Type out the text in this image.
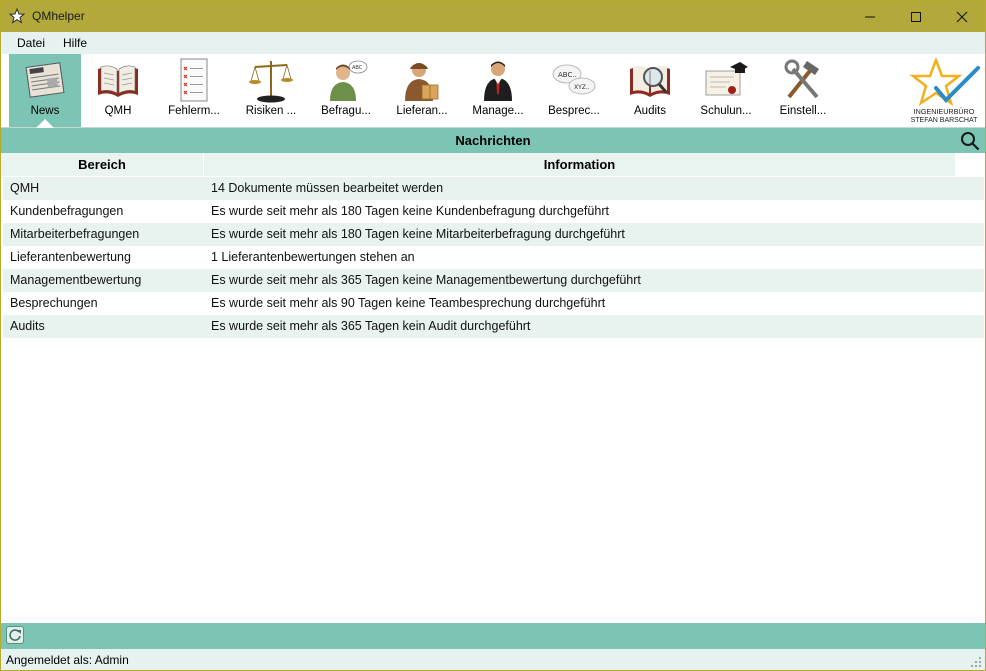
QMhelper
Datei Hilfe
News	QMH	Fehlerm...	Risiken ...
ABC
Befragu...	Lieferan...	Manage...
ABC..
XYZ..
Besprec...	Audits	Schulun...	Einstell...	INGENIEURBÜRO
STEFAN BARSCHAT
Nachrichten
Bereich	Information
QMH	14 Dokumente müssen bearbeitet werden
Kundenbefragungen	Es wurde seit mehr als 180 Tagen keine Kundenbefragung durchgeführt
Mitarbeiterbefragungen	Es wurde seit mehr als 180 Tagen keine Mitarbeiterbefragung durchgeführt
Lieferantenbewertung	1 Lieferantenbewertungen stehen an
Managementbewertung	Es wurde seit mehr als 365 Tagen keine Managementbewertung durchgeführt
Besprechungen	Es wurde seit mehr als 90 Tagen keine Teambesprechung durchgeführt
Audits	Es wurde seit mehr als 365 Tagen kein Audit durchgeführt
Angemeldet als: Admin
